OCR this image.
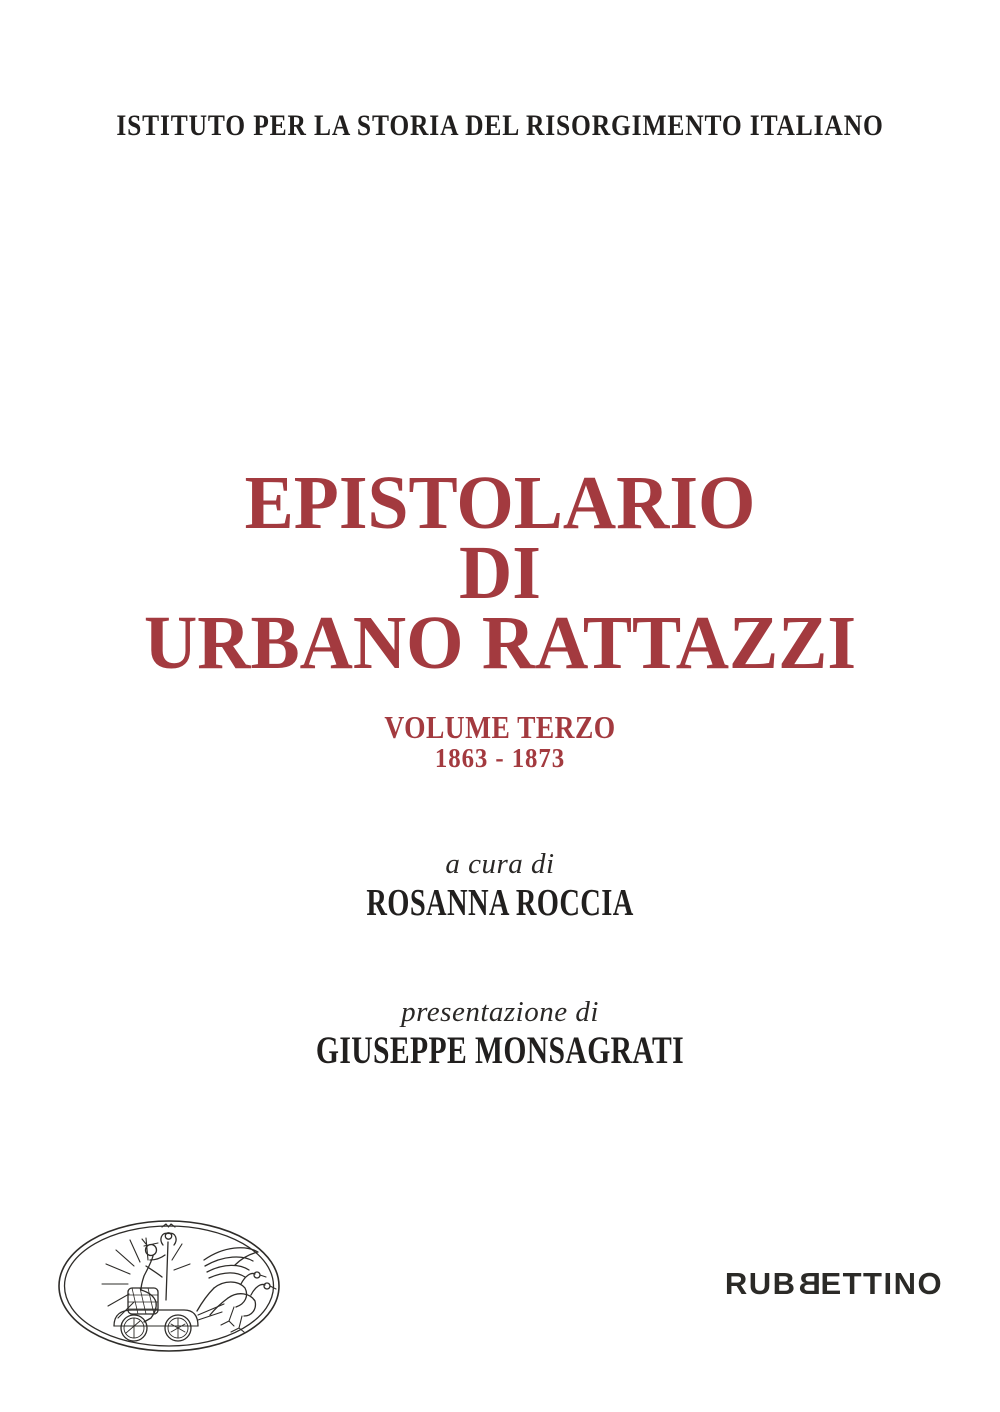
ISTITUTO PER LA STORIA DEL RISORGIMENTO ITALIANO
EPISTOLARIO
DI
URBANO RATTAZZI
VOLUME TERZO
1863 - 1873
a cura di
ROSANNA ROCCIA
presentazione di
GIUSEPPE MONSAGRATI
RUBBETTINO
